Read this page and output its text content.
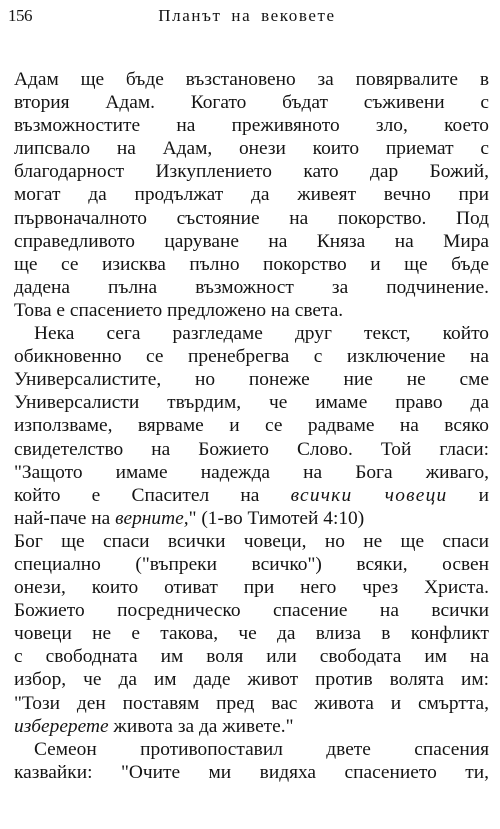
156	Планът на вековете
Адам ще бъде възстановено за повярвалите в
втория Адам. Когато бъдат съживени с
възможностите на преживяното зло, което
липсвало на Адам, онези които приемат с
благодарност Изкуплението като дар Божий,
могат да продължат да живеят вечно при
първоначалното състояние на покорство. Под
справедливото царуване на Княза на Мира
ще се изисква пълно покорство и ще бъде
дадена пълна възможност за подчинение.
Това е спасението предложено на света.
Нека сега разгледаме друг текст, който
обикновенно се пренебрегва с изключение на
Универсалистите, но понеже ние не сме
Универсалисти твърдим, че имаме право да
използваме, вярваме и се радваме на всяко
свидетелство на Божието Слово. Той гласи:
"Защото имаме надежда на Бога живаго,
който е Спасител на всички човеци и
най-паче на верните," (1-во Тимотей 4:10)
Бог ще спаси всички човеци, но не ще спаси
специално ("въпреки всичко") всяки, освен
онези, които отиват при него чрез Христа.
Божието посредническо спасение на всички
човеци не е такова, че да влиза в конфликт
с свободната им воля или свободата им на
избор, че да им даде живот против волята им:
"Този ден поставям пред вас живота и смъртта,
изберерете живота за да живете."
Семеон противопоставил двете спасения
казвайки: "Очите ми видяха спасението ти,
